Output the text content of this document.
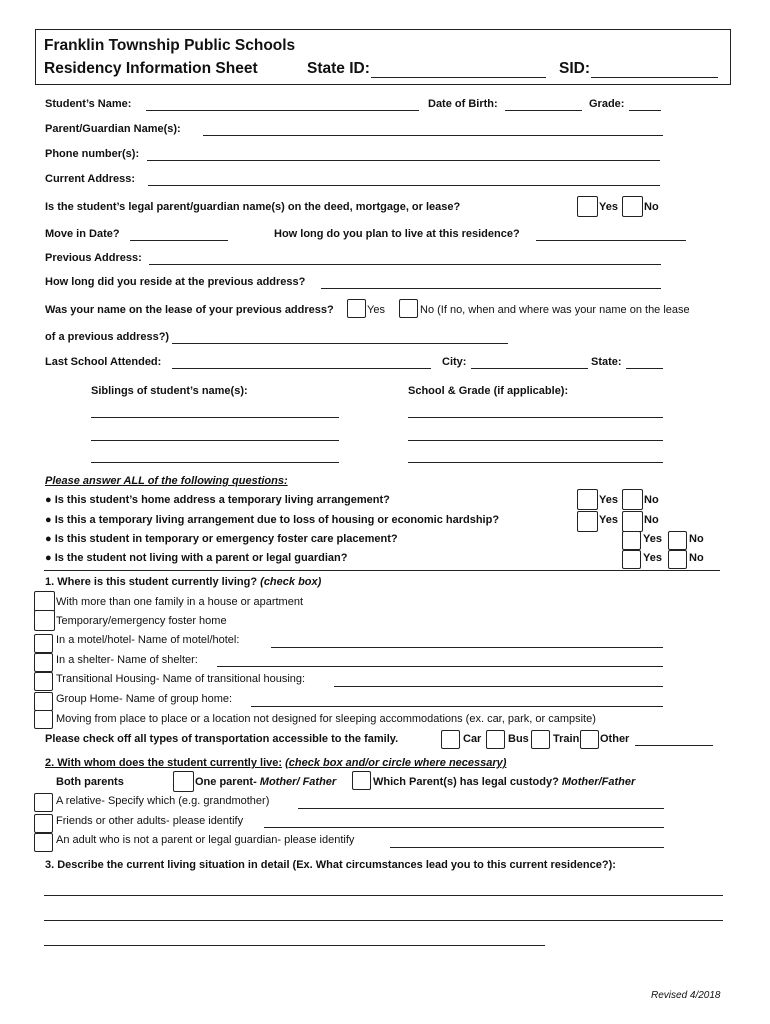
Franklin Township Public Schools
Residency Information Sheet	State ID:	SID:
Student’s Name:	Date of Birth:	Grade:
Parent/Guardian Name(s):
Phone number(s):
Current Address:
Is the student’s legal parent/guardian name(s) on the deed, mortgage, or lease?	Yes No
Move in Date?	How long do you plan to live at this residence?
Previous Address:
How long did you reside at the previous address?
Was your name on the lease of your previous address?	Yes	No (If no, when and where was your name on the lease
of a previous address?)
Last School Attended:	City:	State:
Siblings of student’s name(s):	School & Grade (if applicable):
Please answer ALL of the following questions:
● Is this student’s home address a temporary living arrangement?	Yes No
● Is this a temporary living arrangement due to loss of housing or economic hardship?	Yes No
● Is this student in temporary or emergency foster care placement?	Yes No
● Is the student not living with a parent or legal guardian?	Yes No
1. Where is this student currently living? (check box)
With more than one family in a house or apartment
Temporary/emergency foster home
In a motel/hotel- Name of motel/hotel:
In a shelter- Name of shelter:
Transitional Housing- Name of transitional housing:
Group Home- Name of group home:
Moving from place to place or a location not designed for sleeping accommodations (ex. car, park, or campsite)
Please check off all types of transportation accessible to the family.	Car Bus Train Other
2. With whom does the student currently live: (check box and/or circle where necessary)
Both parents	One parent- Mother/ Father	Which Parent(s) has legal custody? Mother/Father
A relative- Specify which (e.g. grandmother)
Friends or other adults- please identify
An adult who is not a parent or legal guardian- please identify
3. Describe the current living situation in detail (Ex. What circumstances lead you to this current residence?):
Revised 4/2018
